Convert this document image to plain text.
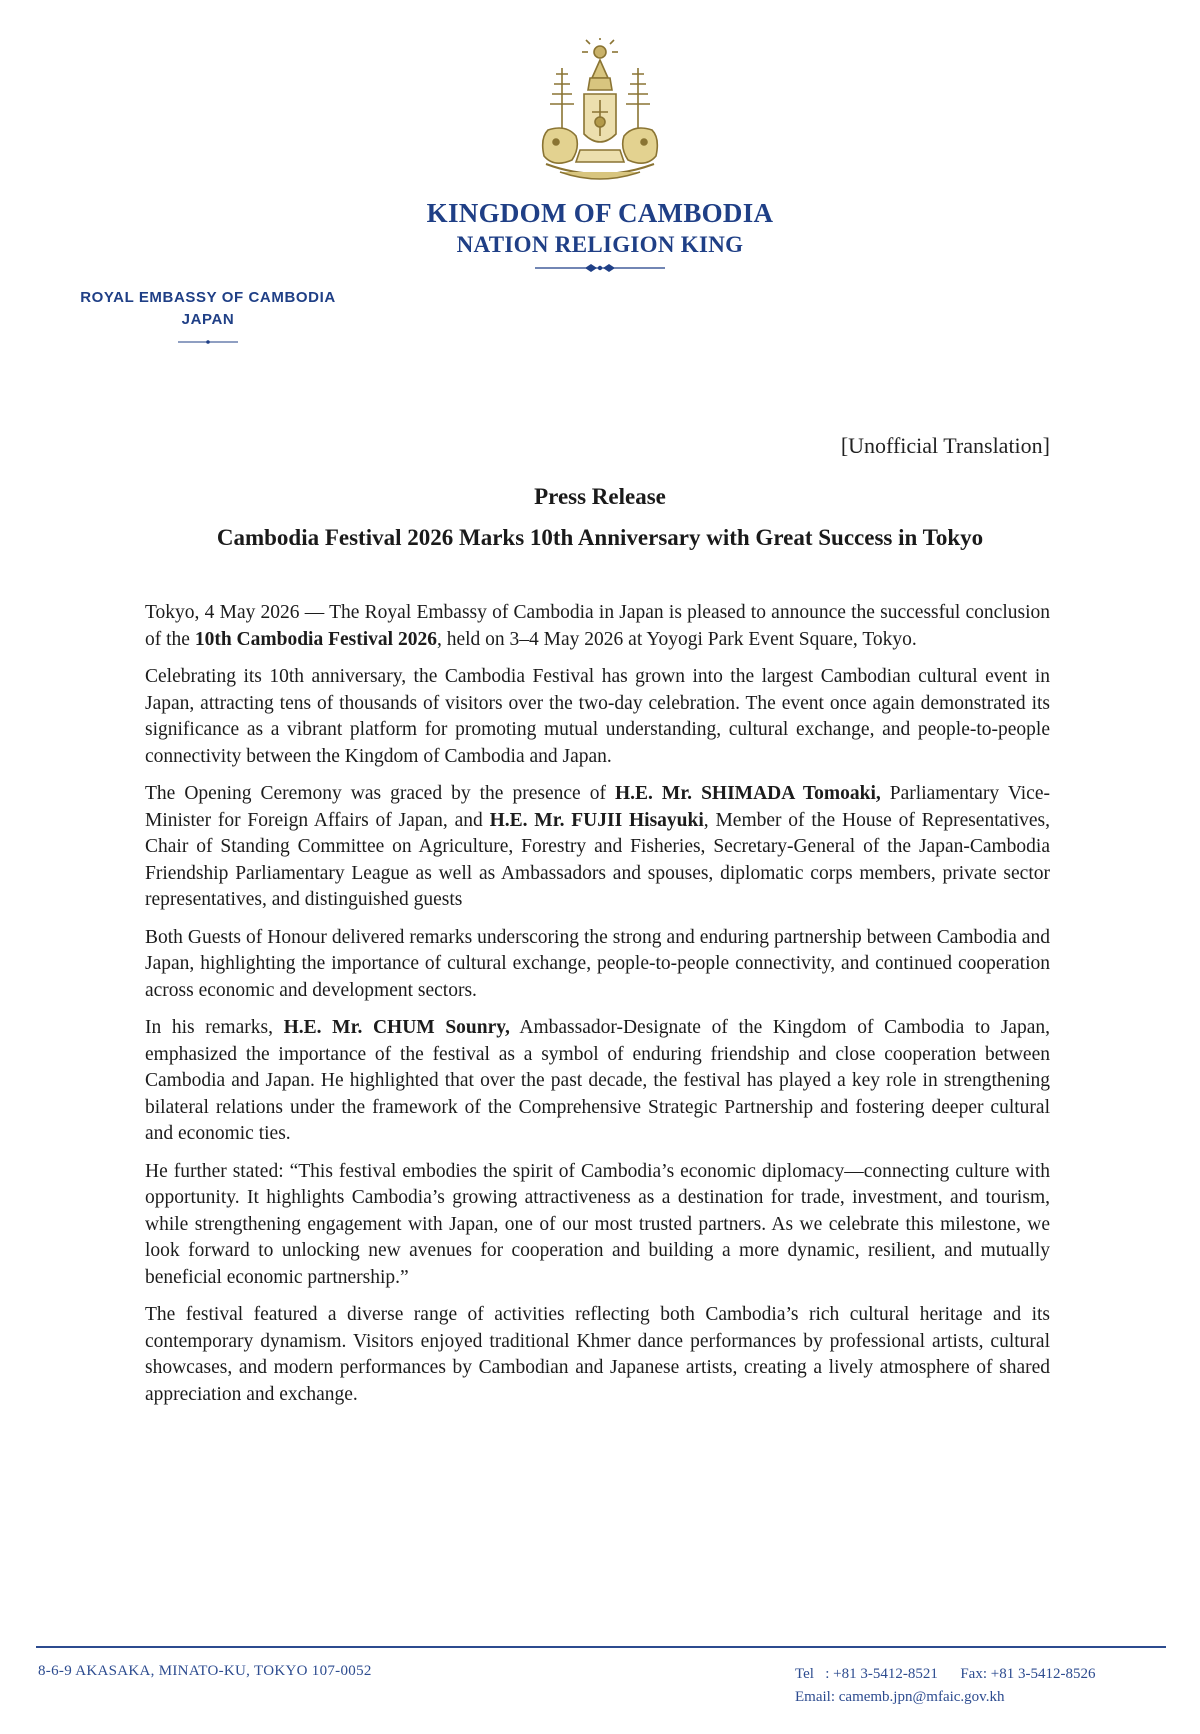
KINGDOM OF CAMBODIA
NATION RELIGION KING
ROYAL EMBASSY OF CAMBODIA
JAPAN
[Unofficial Translation]
Press Release
Cambodia Festival 2026 Marks 10th Anniversary with Great Success in Tokyo

Tokyo, 4 May 2026 — The Royal Embassy of Cambodia in Japan is pleased to announce the successful conclusion of the 10th Cambodia Festival 2026, held on 3–4 May 2026 at Yoyogi Park Event Square, Tokyo.

Celebrating its 10th anniversary, the Cambodia Festival has grown into the largest Cambodian cultural event in Japan, attracting tens of thousands of visitors over the two-day celebration. The event once again demonstrated its significance as a vibrant platform for promoting mutual understanding, cultural exchange, and people-to-people connectivity between the Kingdom of Cambodia and Japan.

The Opening Ceremony was graced by the presence of H.E. Mr. SHIMADA Tomoaki, Parliamentary Vice-Minister for Foreign Affairs of Japan, and H.E. Mr. FUJII Hisayuki, Member of the House of Representatives, Chair of Standing Committee on Agriculture, Forestry and Fisheries, Secretary-General of the Japan-Cambodia Friendship Parliamentary League as well as Ambassadors and spouses, diplomatic corps members, private sector representatives, and distinguished guests

Both Guests of Honour delivered remarks underscoring the strong and enduring partnership between Cambodia and Japan, highlighting the importance of cultural exchange, people-to-people connectivity, and continued cooperation across economic and development sectors.

In his remarks, H.E. Mr. CHUM Sounry, Ambassador-Designate of the Kingdom of Cambodia to Japan, emphasized the importance of the festival as a symbol of enduring friendship and close cooperation between Cambodia and Japan. He highlighted that over the past decade, the festival has played a key role in strengthening bilateral relations under the framework of the Comprehensive Strategic Partnership and fostering deeper cultural and economic ties.

He further stated: “This festival embodies the spirit of Cambodia’s economic diplomacy—connecting culture with opportunity. It highlights Cambodia’s growing attractiveness as a destination for trade, investment, and tourism, while strengthening engagement with Japan, one of our most trusted partners. As we celebrate this milestone, we look forward to unlocking new avenues for cooperation and building a more dynamic, resilient, and mutually beneficial economic partnership.”

The festival featured a diverse range of activities reflecting both Cambodia’s rich cultural heritage and its contemporary dynamism. Visitors enjoyed traditional Khmer dance performances by professional artists, cultural showcases, and modern performances by Cambodian and Japanese artists, creating a lively atmosphere of shared appreciation and exchange.

8-6-9 AKASAKA, MINATO-KU, TOKYO 107-0052	Tel : +81 3-5412-8521 Fax: +81 3-5412-8526
Email: camemb.jpn@mfaic.gov.kh
